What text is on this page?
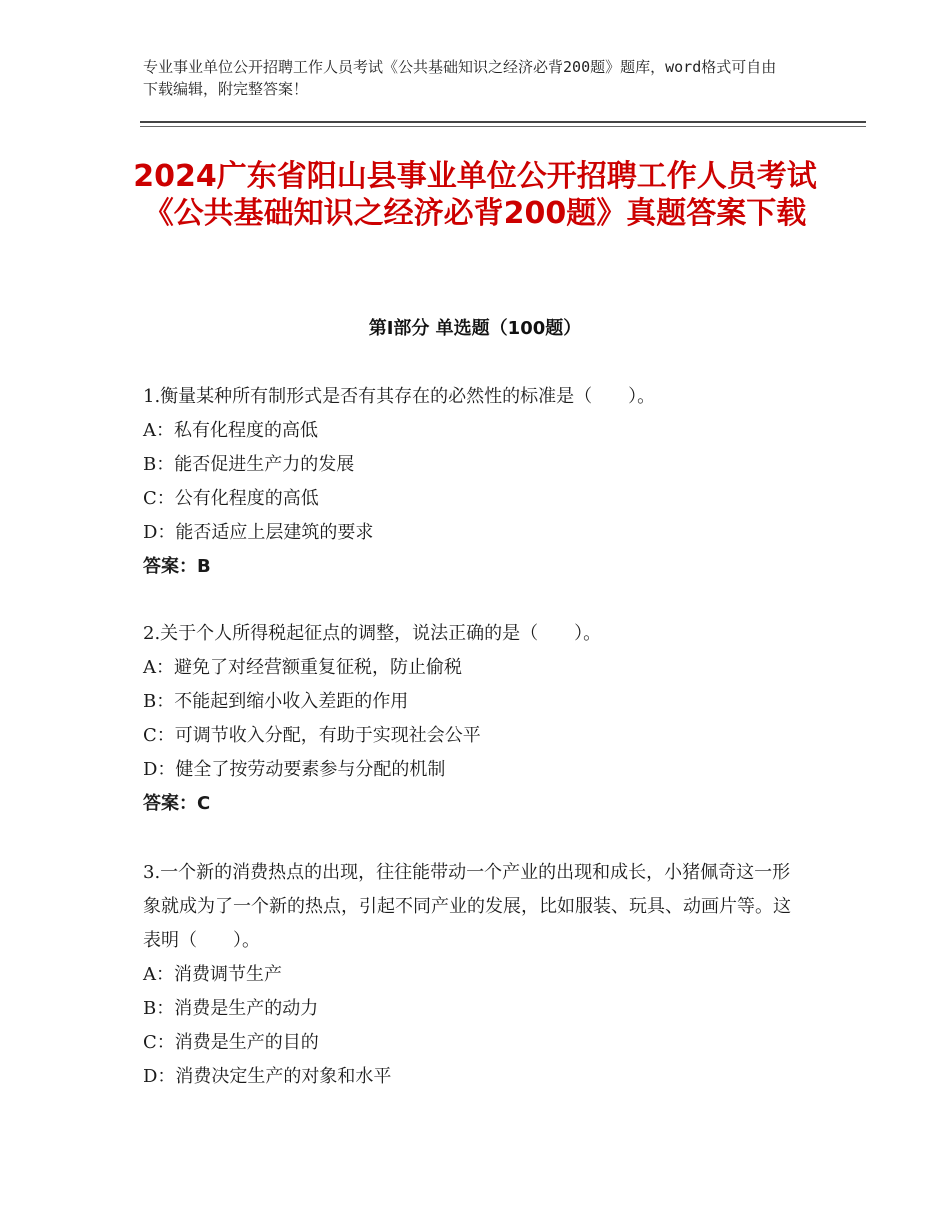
专业事业单位公开招聘工作人员考试《公共基础知识之经济必背200题》题库，word格式可自由下载编辑，附完整答案！
2024广东省阳山县事业单位公开招聘工作人员考试《公共基础知识之经济必背200题》真题答案下载
第Ⅰ部分 单选题（100题）
1.衡量某种所有制形式是否有其存在的必然性的标准是（　　）。
A：私有化程度的高低
B：能否促进生产力的发展
C：公有化程度的高低
D：能否适应上层建筑的要求
答案：B
2.关于个人所得税起征点的调整，说法正确的是（　　）。
A：避免了对经营额重复征税，防止偷税
B：不能起到缩小收入差距的作用
C：可调节收入分配，有助于实现社会公平
D：健全了按劳动要素参与分配的机制
答案：C
3.一个新的消费热点的出现，往往能带动一个产业的出现和成长，小猪佩奇这一形象就成为了一个新的热点，引起不同产业的发展，比如服装、玩具、动画片等。这表明（　　）。
A：消费调节生产
B：消费是生产的动力
C：消费是生产的目的
D：消费决定生产的对象和水平
